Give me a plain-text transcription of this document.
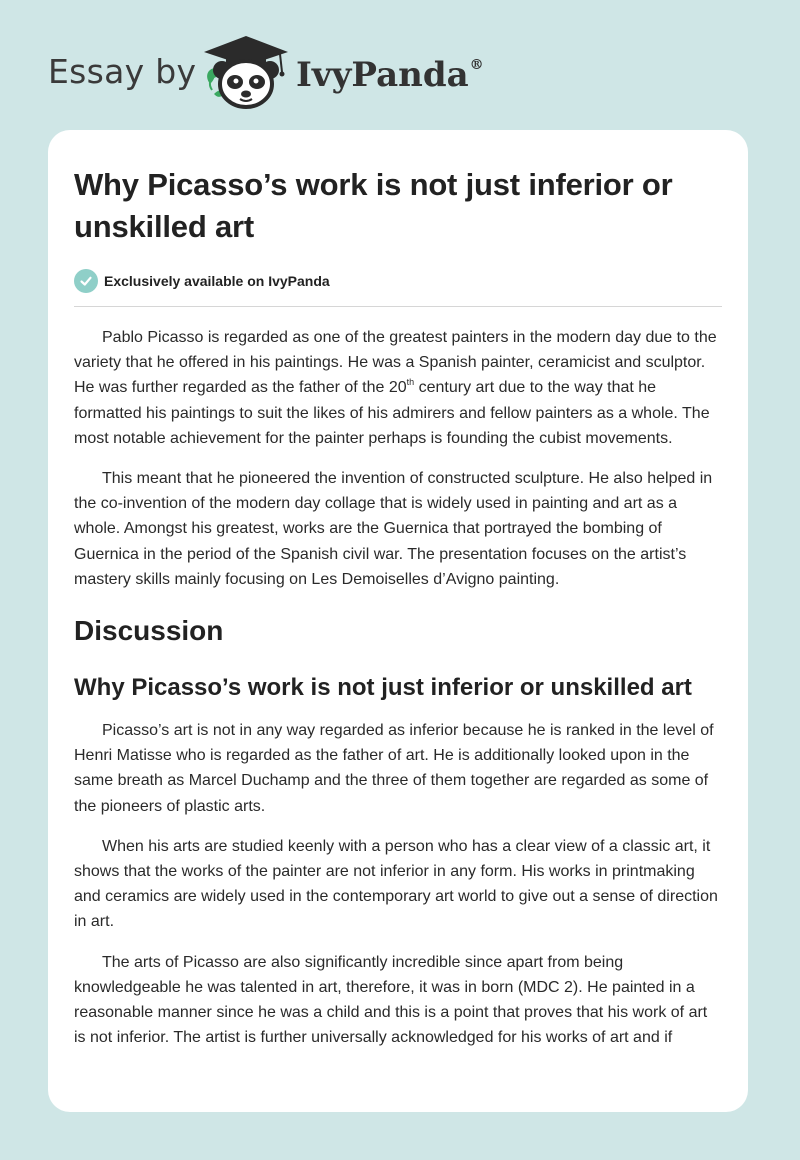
Essay by	IvyPanda®
Why Picasso’s work is not just inferior or unskilled art
Exclusively available on IvyPanda

Pablo Picasso is regarded as one of the greatest painters in the modern day due to the variety that he offered in his paintings. He was a Spanish painter, ceramicist and sculptor. He was further regarded as the father of the 20th century art due to the way that he formatted his paintings to suit the likes of his admirers and fellow painters as a whole. The most notable achievement for the painter perhaps is founding the cubist movements.

This meant that he pioneered the invention of constructed sculpture. He also helped in the co-invention of the modern day collage that is widely used in painting and art as a whole. Amongst his greatest, works are the Guernica that portrayed the bombing of Guernica in the period of the Spanish civil war. The presentation focuses on the artist’s mastery skills mainly focusing on Les Demoiselles d’Avigno painting.

Discussion
Why Picasso’s work is not just inferior or unskilled art

Picasso’s art is not in any way regarded as inferior because he is ranked in the level of Henri Matisse who is regarded as the father of art. He is additionally looked upon in the same breath as Marcel Duchamp and the three of them together are regarded as some of the pioneers of plastic arts.

When his arts are studied keenly with a person who has a clear view of a classic art, it shows that the works of the painter are not inferior in any form. His works in printmaking and ceramics are widely used in the contemporary art world to give out a sense of direction in art.

The arts of Picasso are also significantly incredible since apart from being knowledgeable he was talented in art, therefore, it was in born (MDC 2). He painted in a reasonable manner since he was a child and this is a point that proves that his work of art is not inferior. The artist is further universally acknowledged for his works of art and if
